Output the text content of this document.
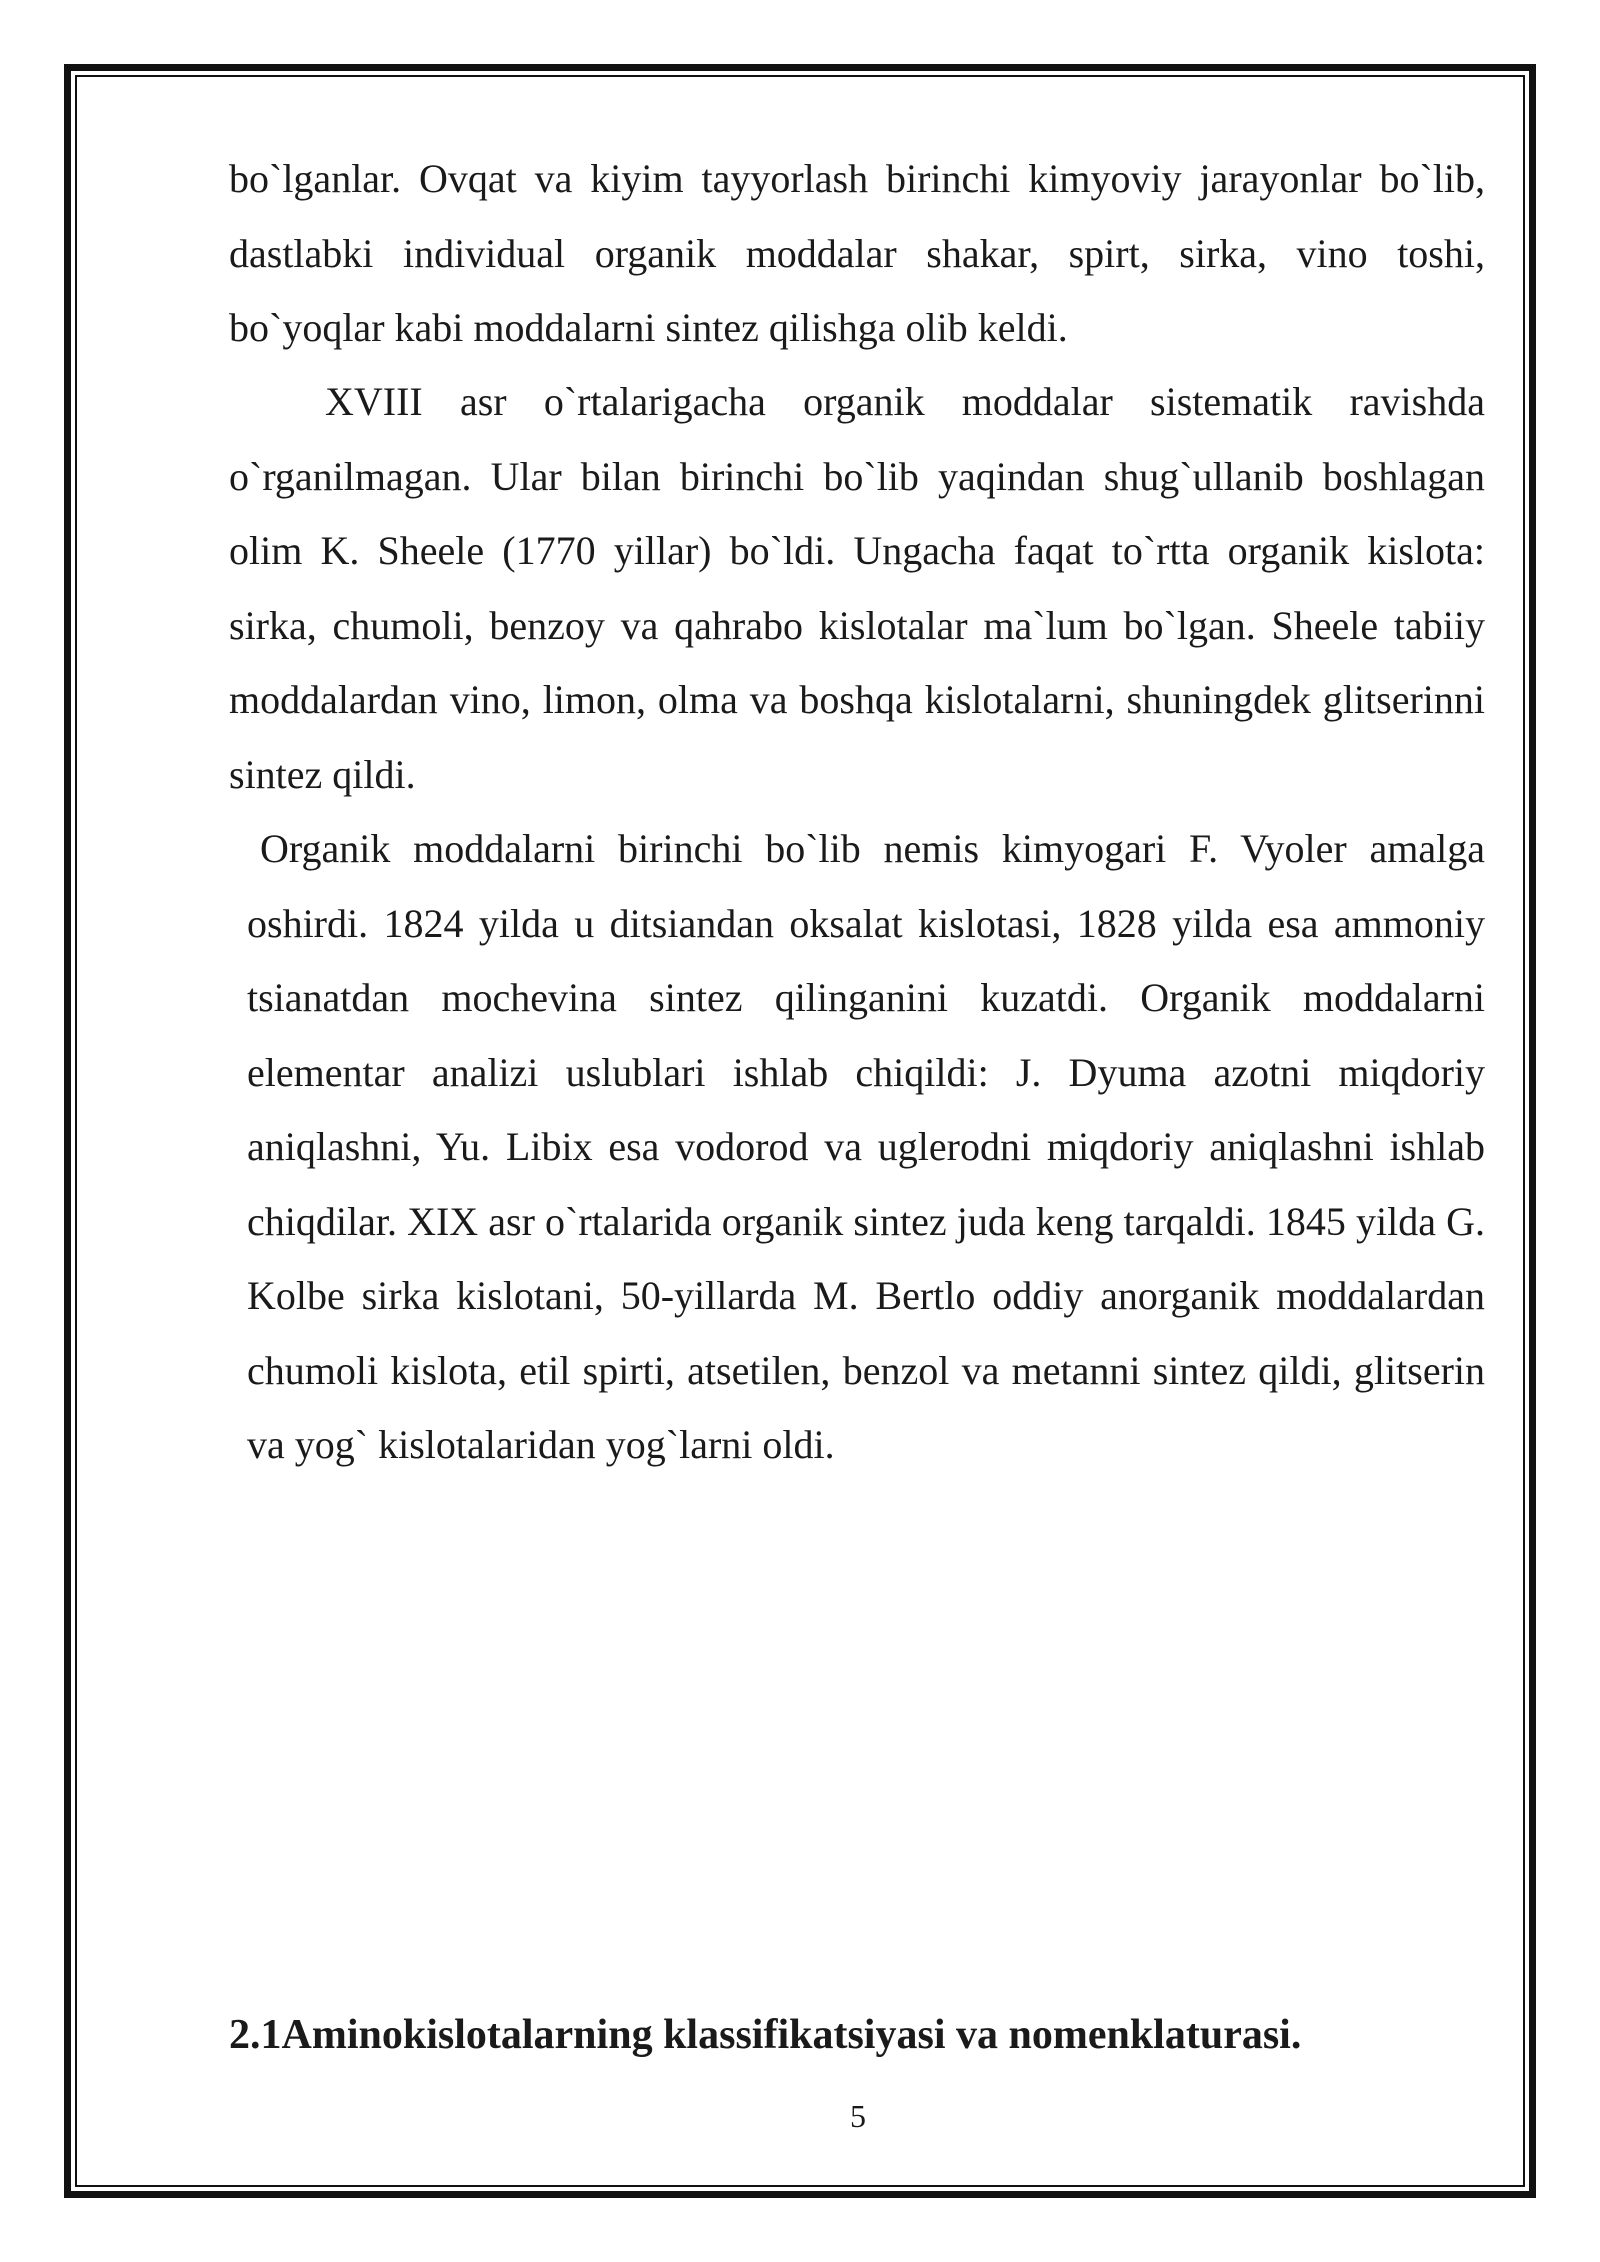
bo`lganlar. Ovqat va kiyim tayyorlash birinchi kimyoviy jarayonlar bo`lib, dastlabki individual organik moddalar shakar, spirt, sirka, vino toshi, bo`yoqlar kabi moddalarni sintez qilishga olib keldi.

XVIII asr o`rtalarigacha organik moddalar sistematik ravishda o`rganilmagan. Ular bilan birinchi bo`lib yaqindan shug`ullanib boshlagan olim K. Sheele (1770 yillar) bo`ldi. Ungacha faqat to`rtta organik kislota: sirka, chumoli, benzoy va qahrabo kislotalar ma`lum bo`lgan. Sheele tabiiy moddalardan vino, limon, olma va boshqa kislotalarni, shuningdek glitserinni sintez qildi.

Organik moddalarni birinchi bo`lib nemis kimyogari F. Vyoler amalga oshirdi. 1824 yilda u ditsiandan oksalat kislotasi, 1828 yilda esa ammoniy tsianatdan mochevina sintez qilinganini kuzatdi. Organik moddalarni elementar analizi uslublari ishlab chiqildi: J. Dyuma azotni miqdoriy aniqlashni, Yu. Libix esa vodorod va uglerodni miqdoriy aniqlashni ishlab chiqdilar. XIX asr o`rtalarida organik sintez juda keng tarqaldi. 1845 yilda G. Kolbe sirka kislotani, 50-yillarda M. Bertlo oddiy anorganik moddalardan chumoli kislota, etil spirti, atsetilen, benzol va metanni sintez qildi, glitserin va yog` kislotalaridan yog`larni oldi.

2.1Aminokislotalarning klassifikatsiyasi va nomenklaturasi.
5
